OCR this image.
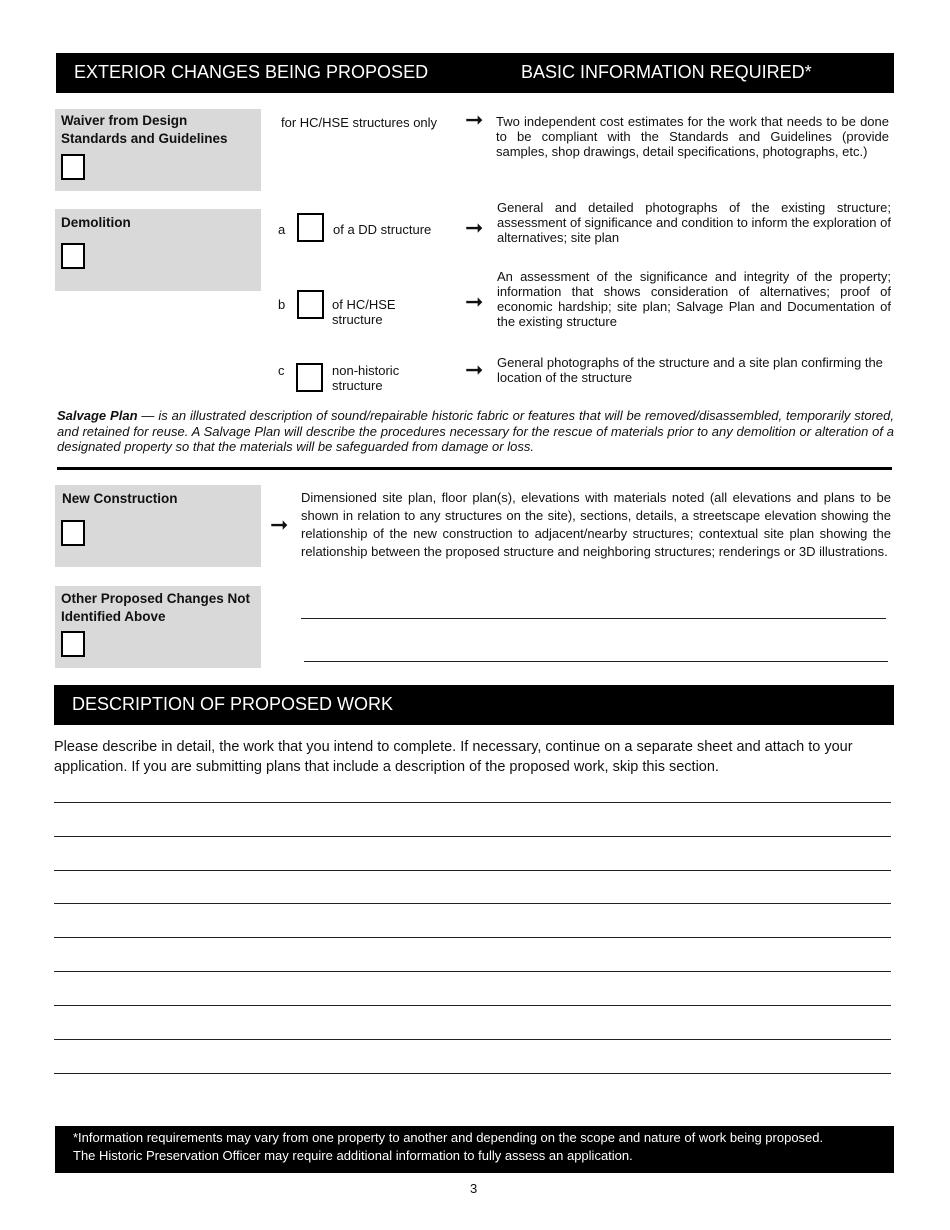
EXTERIOR CHANGES BEING PROPOSED	BASIC INFORMATION REQUIRED*
Waiver from Design Standards and Guidelines
for HC/HSE structures only ➞ Two independent cost estimates for the work that needs to be done to be compliant with the Standards and Guidelines (provide samples, shop drawings, detail specifications, photographs, etc.)
Demolition	a	of a DD structure ➞
General and detailed photographs of the existing structure; assessment of significance and condition to inform the exploration of alternatives; site plan
b	of HC/HSE structure
➞
An assessment of the significance and integrity of the property; information that shows consideration of alternatives; proof of economic hardship; site plan; Salvage Plan and Documentation of the existing structure
c	non-historic structure
➞ General photographs of the structure and a site plan confirming the location of the structure
Salvage Plan — is an illustrated description of sound/repairable historic fabric or features that will be removed/disassembled, temporarily stored, and retained for reuse. A Salvage Plan will describe the procedures necessary for the rescue of materials prior to any demolition or alteration of a designated property so that the materials will be safeguarded from damage or loss.
New Construction
➞
Dimensioned site plan, floor plan(s), elevations with materials noted (all elevations and plans to be shown in relation to any structures on the site), sections, details, a streetscape elevation showing the relationship of the new construction to adjacent/nearby structures; contextual site plan showing the relationship between the proposed structure and neighboring structures; renderings or 3D illustrations.
Other Proposed Changes Not Identified Above
DESCRIPTION OF PROPOSED WORK
Please describe in detail, the work that you intend to complete. If necessary, continue on a separate sheet and attach to your application. If you are submitting plans that include a description of the proposed work, skip this section.
*Information requirements may vary from one property to another and depending on the scope and nature of work being proposed.
The Historic Preservation Officer may require additional information to fully assess an application.
3
